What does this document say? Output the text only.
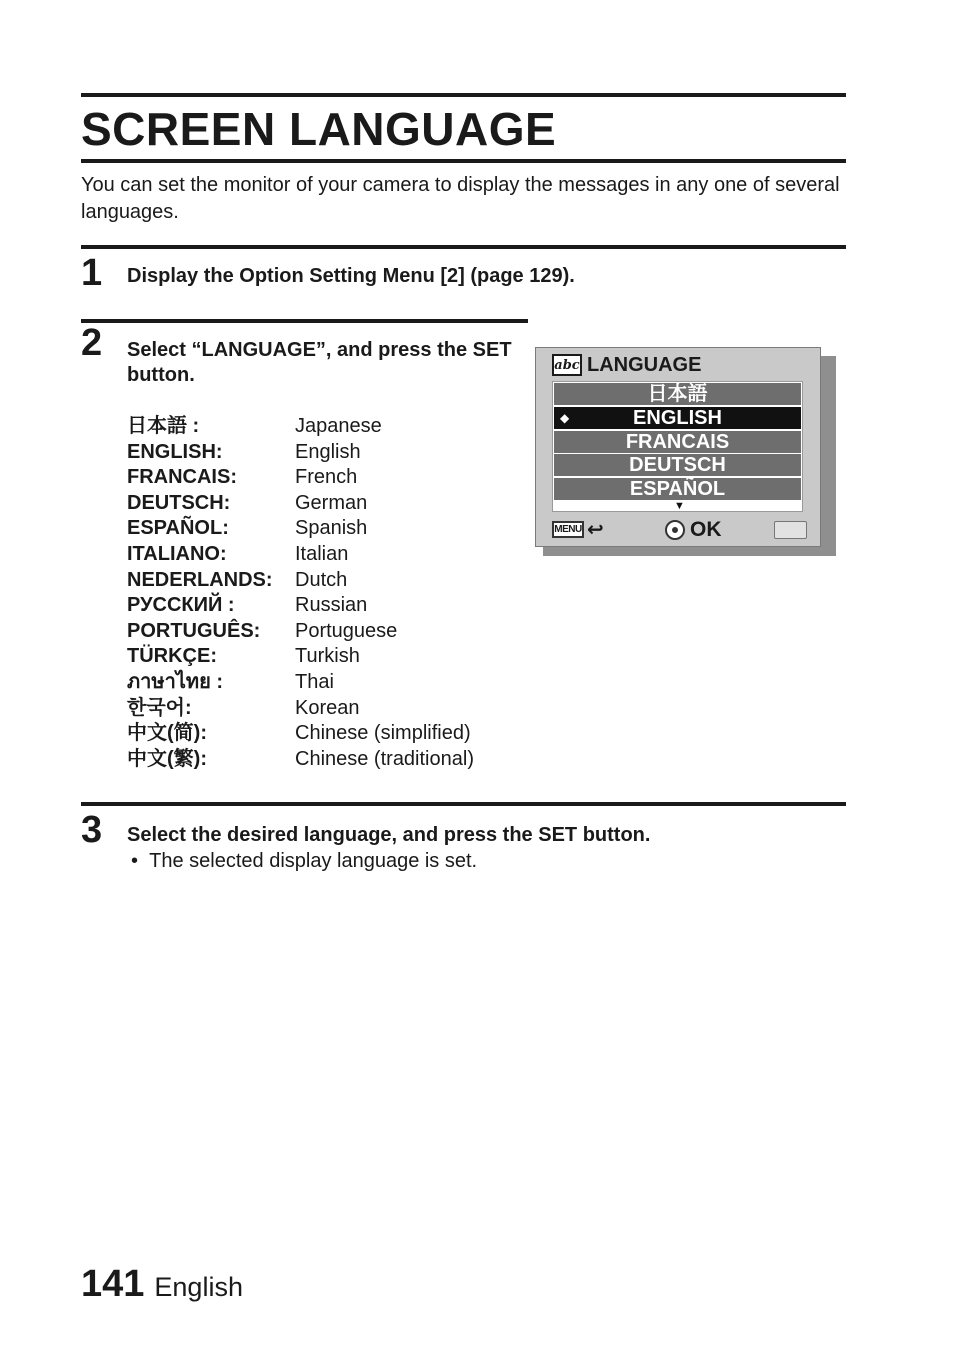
SCREEN LANGUAGE

You can set the monitor of your camera to display the messages in any one of several languages.

1 Display the Option Setting Menu [2] (page 129).

2 Select “LANGUAGE”, and press the SET button.

日本語 :	Japanese
ENGLISH:	English
FRANCAIS:	French
DEUTSCH:	German
ESPAÑOL:	Spanish
ITALIANO:	Italian
NEDERLANDS:	Dutch
РУССКИЙ :	Russian
PORTUGUÊS:	Portuguese
TÜRKÇE:	Turkish
ภาษาไทย :	Thai
한국어:	Korean
中文(简):	Chinese (simplified)
中文(繁):	Chinese (traditional)
abc LANGUAGE
日本語
◆	ENGLISH
FRANCAIS
DEUTSCH
ESPAÑOL
▼
MENU ↩	OK
3 Select the desired language, and press the SET button.

•  The selected display language is set.

141 English
